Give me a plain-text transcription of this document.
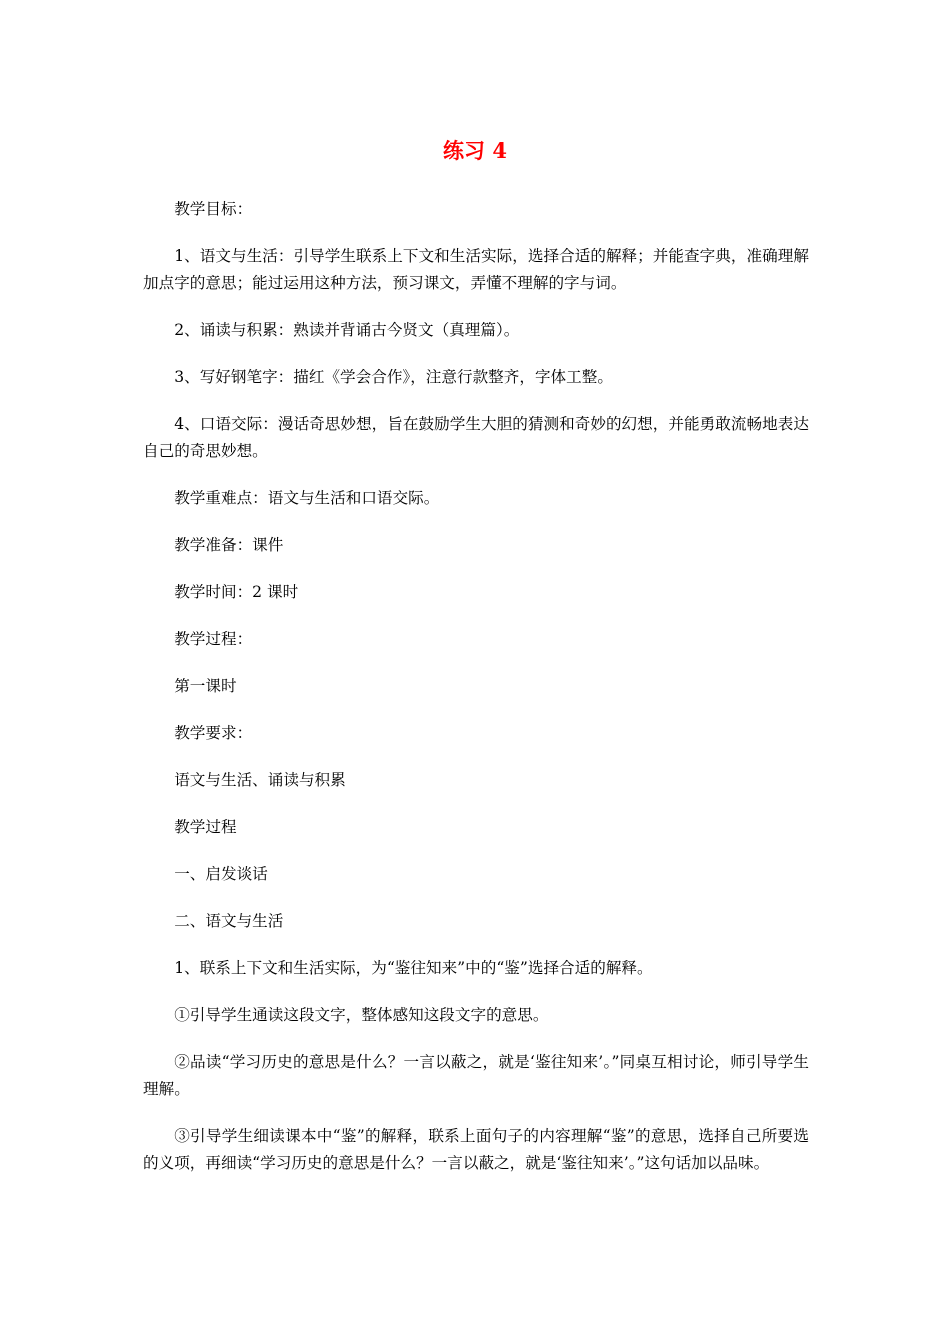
练习 4

教学目标：

1、语文与生活：引导学生联系上下文和生活实际，选择合适的解释；并能查字典，准确理解加点字的意思；能过运用这种方法，预习课文，弄懂不理解的字与词。

2、诵读与积累：熟读并背诵古今贤文（真理篇）。

3、写好钢笔字：描红《学会合作》，注意行款整齐，字体工整。

4、口语交际：漫话奇思妙想，旨在鼓励学生大胆的猜测和奇妙的幻想，并能勇敢流畅地表达自己的奇思妙想。

教学重难点：语文与生活和口语交际。

教学准备：课件

教学时间：2 课时

教学过程：

第一课时

教学要求：

语文与生活、诵读与积累

教学过程

一、启发谈话

二、语文与生活

1、联系上下文和生活实际，为“鉴往知来”中的“鉴”选择合适的解释。

①引导学生通读这段文字，整体感知这段文字的意思。

②品读“学习历史的意思是什么？一言以蔽之，就是‘鉴往知来’。”同桌互相讨论，师引导学生理解。

③引导学生细读课本中“鉴”的解释，联系上面句子的内容理解“鉴”的意思，选择自己所要选的义项，再细读“学习历史的意思是什么？一言以蔽之，就是‘鉴往知来’。”这句话加以品味。
